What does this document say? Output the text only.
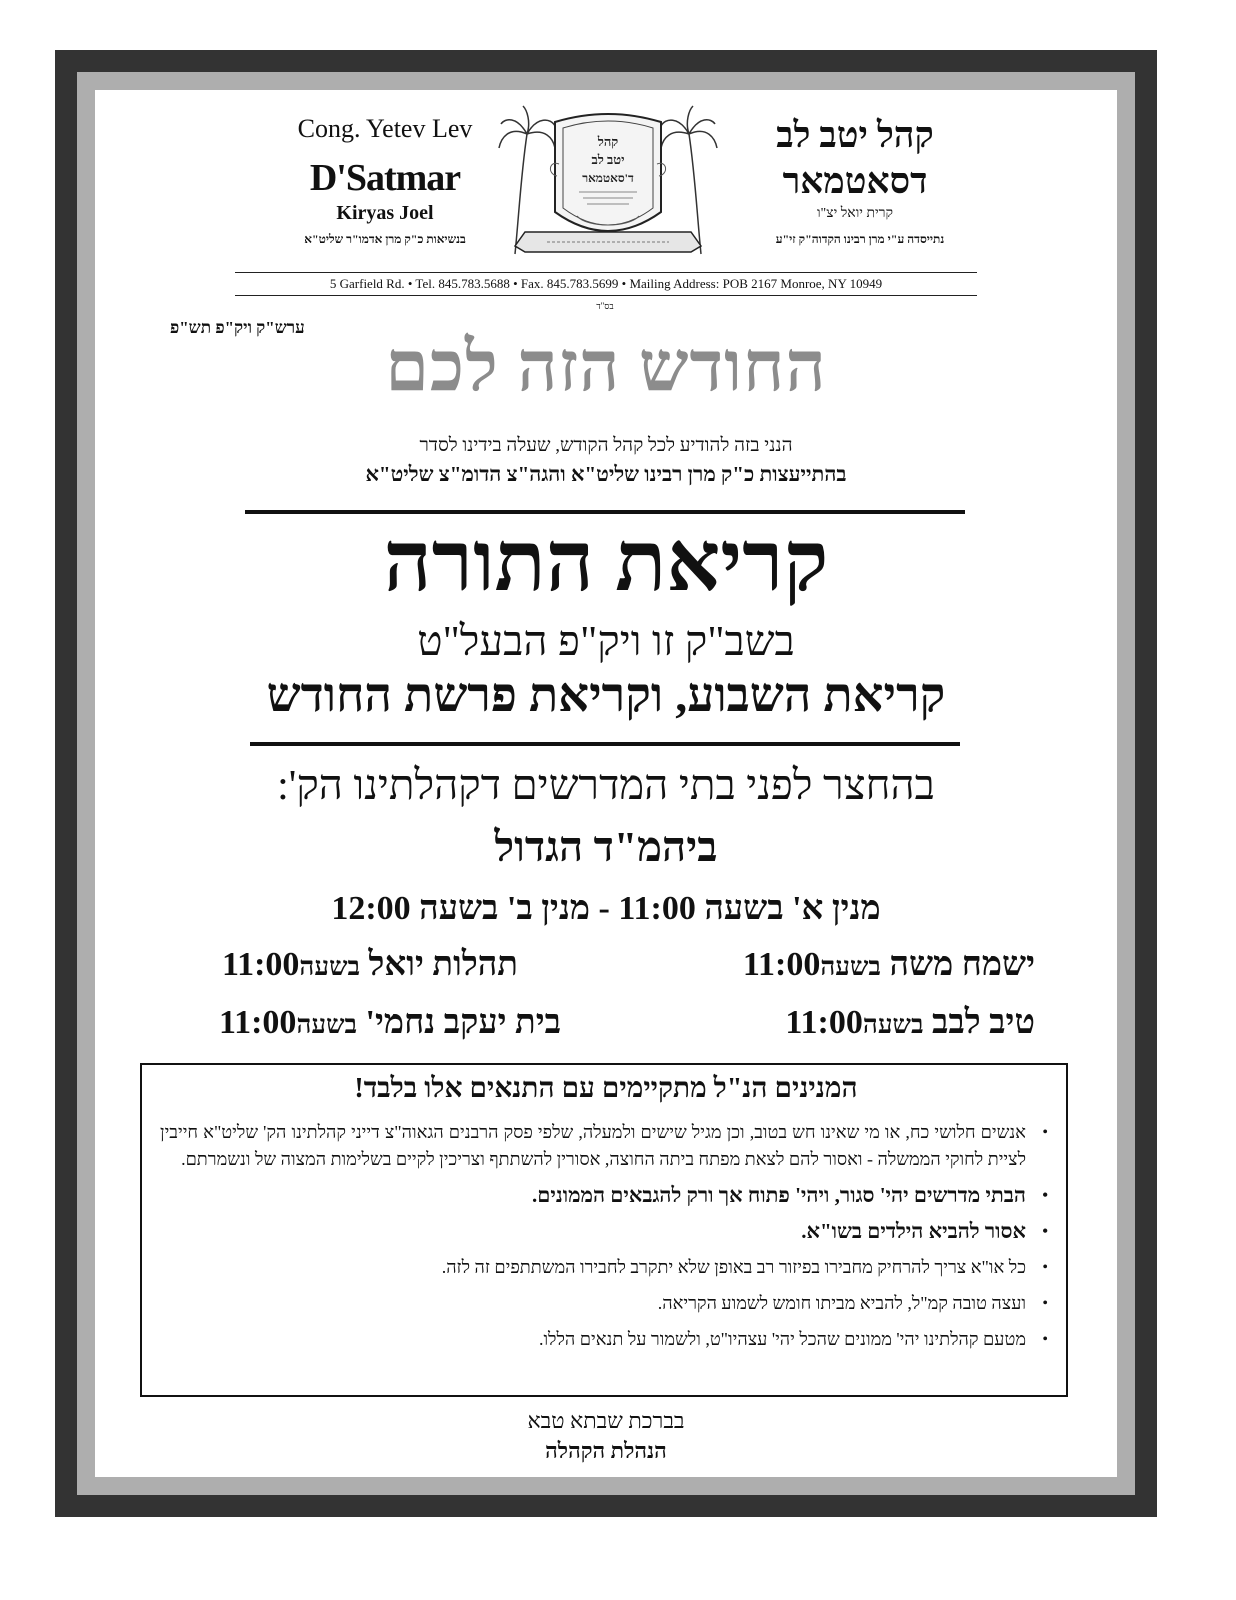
Cong. Yetev Lev
D'Satmar
Kiryas Joel
בנשיאות כ"ק מרן אדמו"ר שליט"א
קהל
יטב לב
ד'סאטמאר
קהל יטב לב
דסאטמאר
קרית יואל יצ"ו
נתייסדה ע"י מרן רבינו הקדוה"ק זי"ע
5 Garfield Rd. • Tel. 845.783.5688 • Fax. 845.783.5699 • Mailing Address: POB 2167 Monroe, NY 10949
בס"ד
ערש"ק ויק"פ תש"פ
החודש הזה לכם
הנני בזה להודיע לכל קהל הקודש, שעלה בידינו לסדר
בהתייעצות כ"ק מרן רבינו שליט"א והגה"צ הדומ"צ שליט"א
קריאת התורה
בשב"ק זו ויק"פ הבעל"ט
קריאת השבוע, וקריאת פרשת החודש
בהחצר לפני בתי המדרשים דקהלתינו הק':
ביהמ"ד הגדול
מנין א' בשעה 11:00 - מנין ב' בשעה 12:00
ישמח משה בשעה11:00
תהלות יואל בשעה11:00
טיב לבב בשעה11:00
בית יעקב נחמי' בשעה11:00
המנינים הנ"ל מתקיימים עם התנאים אלו בלבד!
• אנשים חלושי כח, או מי שאינו חש בטוב, וכן מגיל שישים ולמעלה, שלפי פסק הרבנים הגאוה"צ דייני קהלתינו הק' שליט"א חייבין לציית לחוקי הממשלה - ואסור להם לצאת מפתח ביתה החוצה, אסורין להשתתף וצריכין לקיים בשלימות המצוה של ונשמרתם.
• הבתי מדרשים יהי' סגור, ויהי' פתוח אך ורק להגבאים הממונים.
• אסור להביא הילדים בשו"א.
• כל או"א צריך להרחיק מחבירו בפיזור רב באופן שלא יתקרב לחבירו המשתתפים זה לזה.
• ועצה טובה קמ"ל, להביא מביתו חומש לשמוע הקריאה.
• מטעם קהלתינו יהי' ממונים שהכל יהי' עצהיו"ט, ולשמור על תנאים הללו.
בברכת שבתא טבא
הנהלת הקהלה
